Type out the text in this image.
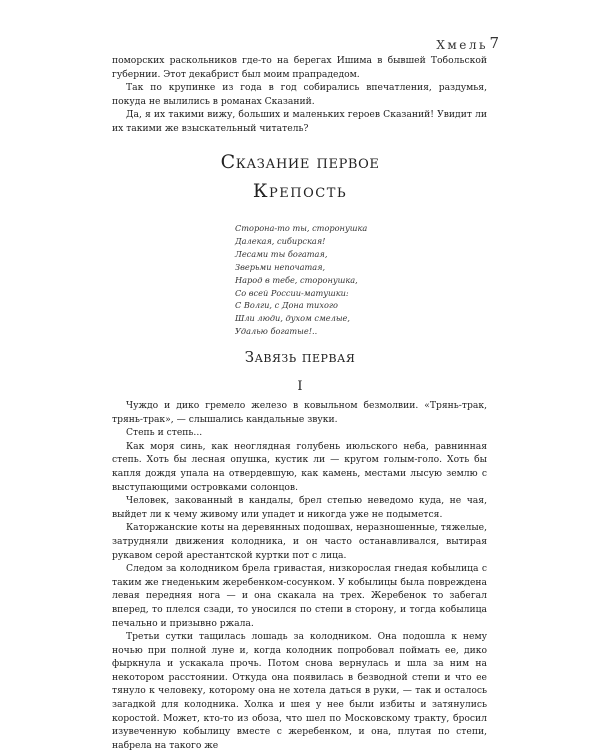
Хмель 7

поморских раскольников где-то на берегах Ишима в бывшей Тобольской губернии. Этот декабрист был моим прапрадедом.

Так по крупинке из года в год собирались впечатления, раздумья, покуда не вылились в романах Сказаний.

Да, я их такими вижу, больших и маленьких героев Сказаний! Увидит ли их такими же взыскательный читатель?

Сказание первое
Крепость
Сторона-то ты, сторонушка
Далекая, сибирская!
Лесами ты богатая,
Зверьми непочатая,
Народ в тебе, сторонушка,
Со всей России-матушки:
С Волги, с Дона тихого
Шли люди, духом смелые,
Удалью богатые!..
Завязь первая
I

Чуждо и дико гремело железо в ковыльном безмолвии. «Трянь-трак, трянь-трак», — слышались кандальные звуки.

Степь и степь...

Как моря синь, как неоглядная голубень июльского неба, равнинная степь. Хоть бы лесная опушка, кустик ли — кругом голым-голо. Хоть бы капля дождя упала на отвердевшую, как камень, местами лысую землю с выступающими островками солонцов.

Человек, закованный в кандалы, брел степью неведомо куда, не чая, выйдет ли к чему живому или упадет и никогда уже не подымется.

Каторжанские коты на деревянных подошвах, неразношенные, тяжелые, затрудняли движения колодника, и он часто останавливался, вытирая рукавом серой арестантской куртки пот с лица.

Следом за колодником брела гривастая, низкорослая гнедая кобылица с таким же гнеденьким жеребенком-сосунком. У кобылицы была повреждена левая передняя нога — и она скакала на трех. Жеребенок то забегал вперед, то плелся сзади, то уносился по степи в сторону, и тогда кобылица печально и призывно ржала.

Третьи сутки тащилась лошадь за колодником. Она подошла к нему ночью при полной луне и, когда колодник попробовал поймать ее, дико фыркнула и ускакала прочь. Потом снова вернулась и шла за ним на некотором расстоянии. Откуда она появилась в безводной степи и что ее тянуло к человеку, которому она не хотела даться в руки, — так и осталось загадкой для колодника. Холка и шея у нее были избиты и затянулись коростой. Может, кто-то из обоза, что шел по Московскому тракту, бросил изувеченную кобылицу вместе с жеребенком, и она, плутая по степи, набрела на такого же
